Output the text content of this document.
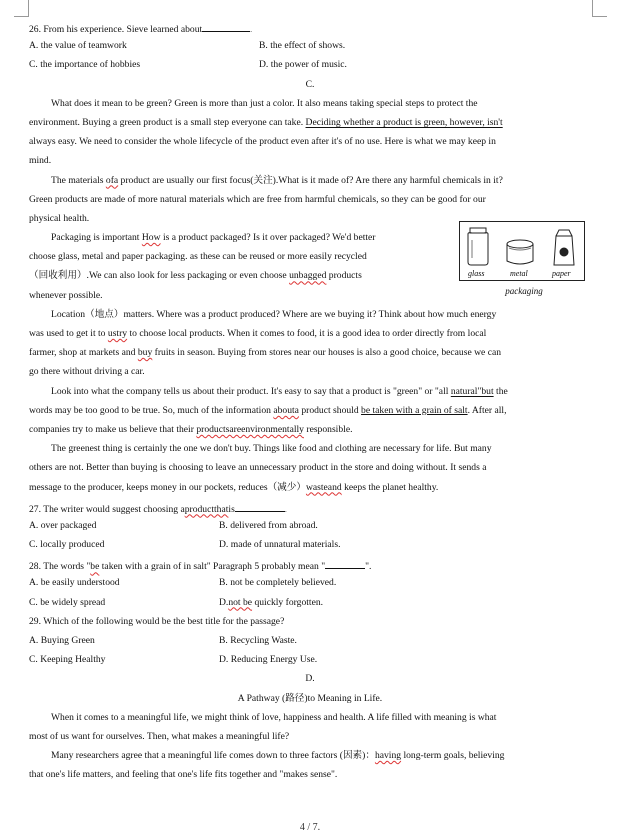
26. From his experience. Sieve learned about	.
A. the value of teamwork	B. the effect of shows.
C. the importance of hobbies	D. the power of music.
C.
What does it mean to be green? Green is more than just a color. It also means taking special steps to protect the
environment. Buying a green product is a small step everyone can take. Deciding whether a product is green, however, isn't
always easy. We need to consider the whole lifecycle of the product even after it's of no use. Here is what we may keep in
mind.
The materials ofa product are usually our first focus(关注).What is it made of? Are there any harmful chemicals in it?
Green products are made of more natural materials which are free from harmful chemicals, so they can be good for our
physical health.
Packaging is important How is a product packaged? Is it over packaged? We'd better
choose glass, metal and paper packaging. as these can be reused or more easily recycled
（回收利用）.We can also look for less packaging or even choose unbagged products
whenever possible.
Location（地点）matters. Where was a product produced? Where are we buying it? Think about how much energy
was used to get it to ustry to choose local products. When it comes to food, it is a good idea to order directly from local
farmer, shop at markets and buy fruits in season. Buying from stores near our houses is also a good choice, because we can
go there without driving a car.
Look into what the company tells us about their product. It's easy to say that a product is "green" or "all natural"but the
words may be too good to be true. So, much of the information abouta product should be taken with a grain of salt. After all,
companies try to make us believe that their productsareenvironmentally responsible.
The greenest thing is certainly the one we don't buy. Things like food and clothing are necessary for life. But many
others are not. Better than buying is choosing to leave an unnecessary product in the store and doing without. It sends a
message to the producer, keeps money in our pockets, reduces（减少）wasteand keeps the planet healthy.
27. The writer would suggest choosing aproductthatis	.
A. over packaged	B. delivered from abroad.
C. locally produced	D. made of unnatural materials.
28. The words "be taken with a grain of in salt" Paragraph 5 probably mean "	".
A. be easily understood	B. not be completely believed.
C. be widely spread	D.not be quickly forgotten.
29. Which of the following would be the best title for the passage?
A. Buying Green	B. Recycling Waste.
C. Keeping Healthy	D. Reducing Energy Use.
D.
A Pathway (路径)to Meaning in Life.
When it comes to a meaningful life, we might think of love, happiness and health. A life filled with meaning is what
most of us want for ourselves. Then, what makes a meaningful life?
Many researchers agree that a meaningful life comes down to three factors (因素)：having long-term goals, believing
that one's life matters, and feeling that one's life fits together and "makes sense".
glass	metal	paper
packaging
4 / 7.
